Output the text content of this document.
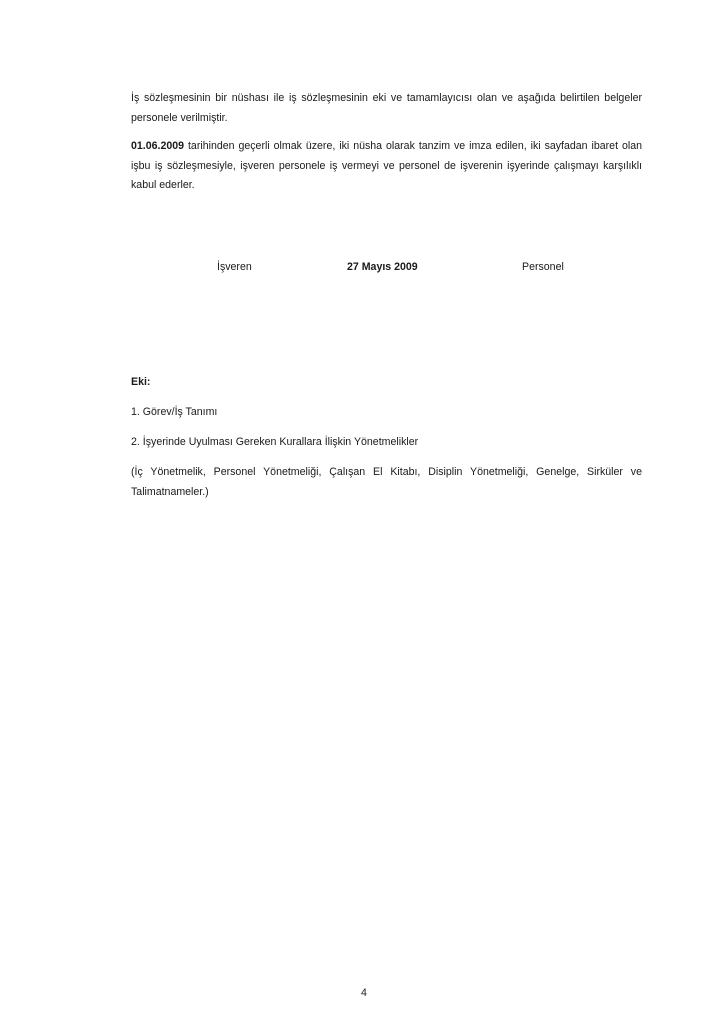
İş sözleşmesinin bir nüshası ile iş sözleşmesinin eki ve tamamlayıcısı olan ve aşağıda belirtilen belgeler personele verilmiştir.

01.06.2009 tarihinden geçerli olmak üzere, iki nüsha olarak tanzim ve imza edilen, iki sayfadan ibaret olan işbu iş sözleşmesiyle, işveren personele iş vermeyi ve personel de işverenin işyerinde çalışmayı karşılıklı kabul ederler.

İşveren	27 Mayıs 2009	Personel

Eki:

1. Görev/İş Tanımı

2. İşyerinde Uyulması Gereken Kurallara İlişkin Yönetmelikler

(İç Yönetmelik, Personel Yönetmeliği, Çalışan El Kitabı, Disiplin Yönetmeliği, Genelge, Sirküler ve Talimatnameler.)

4
